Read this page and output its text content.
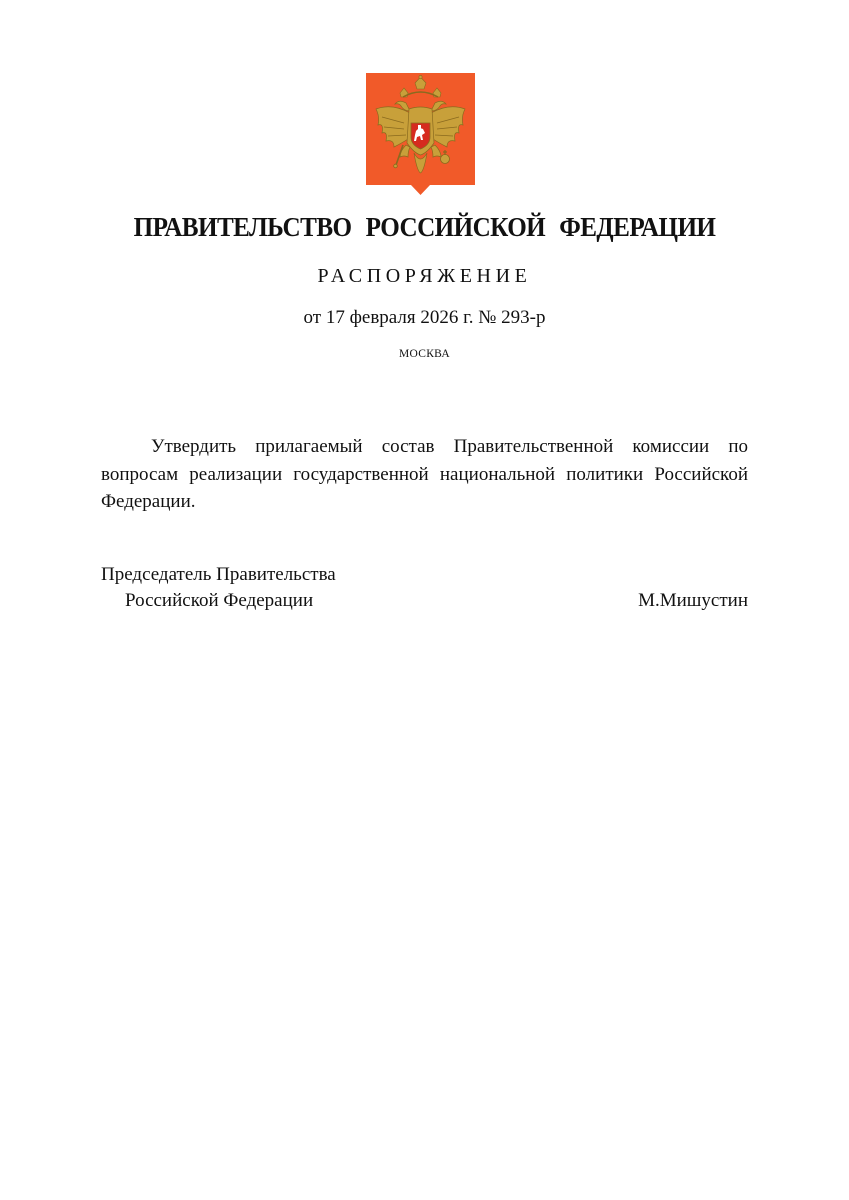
ПРАВИТЕЛЬСТВО РОССИЙСКОЙ ФЕДЕРАЦИИ
РАСПОРЯЖЕНИЕ
от 17 февраля 2026 г. № 293-р
МОСКВА
Утвердить прилагаемый состав Правительственной комиссии по вопросам реализации государственной национальной политики Российской Федерации.
Председатель Правительства
Российской Федерации	М.Мишустин
